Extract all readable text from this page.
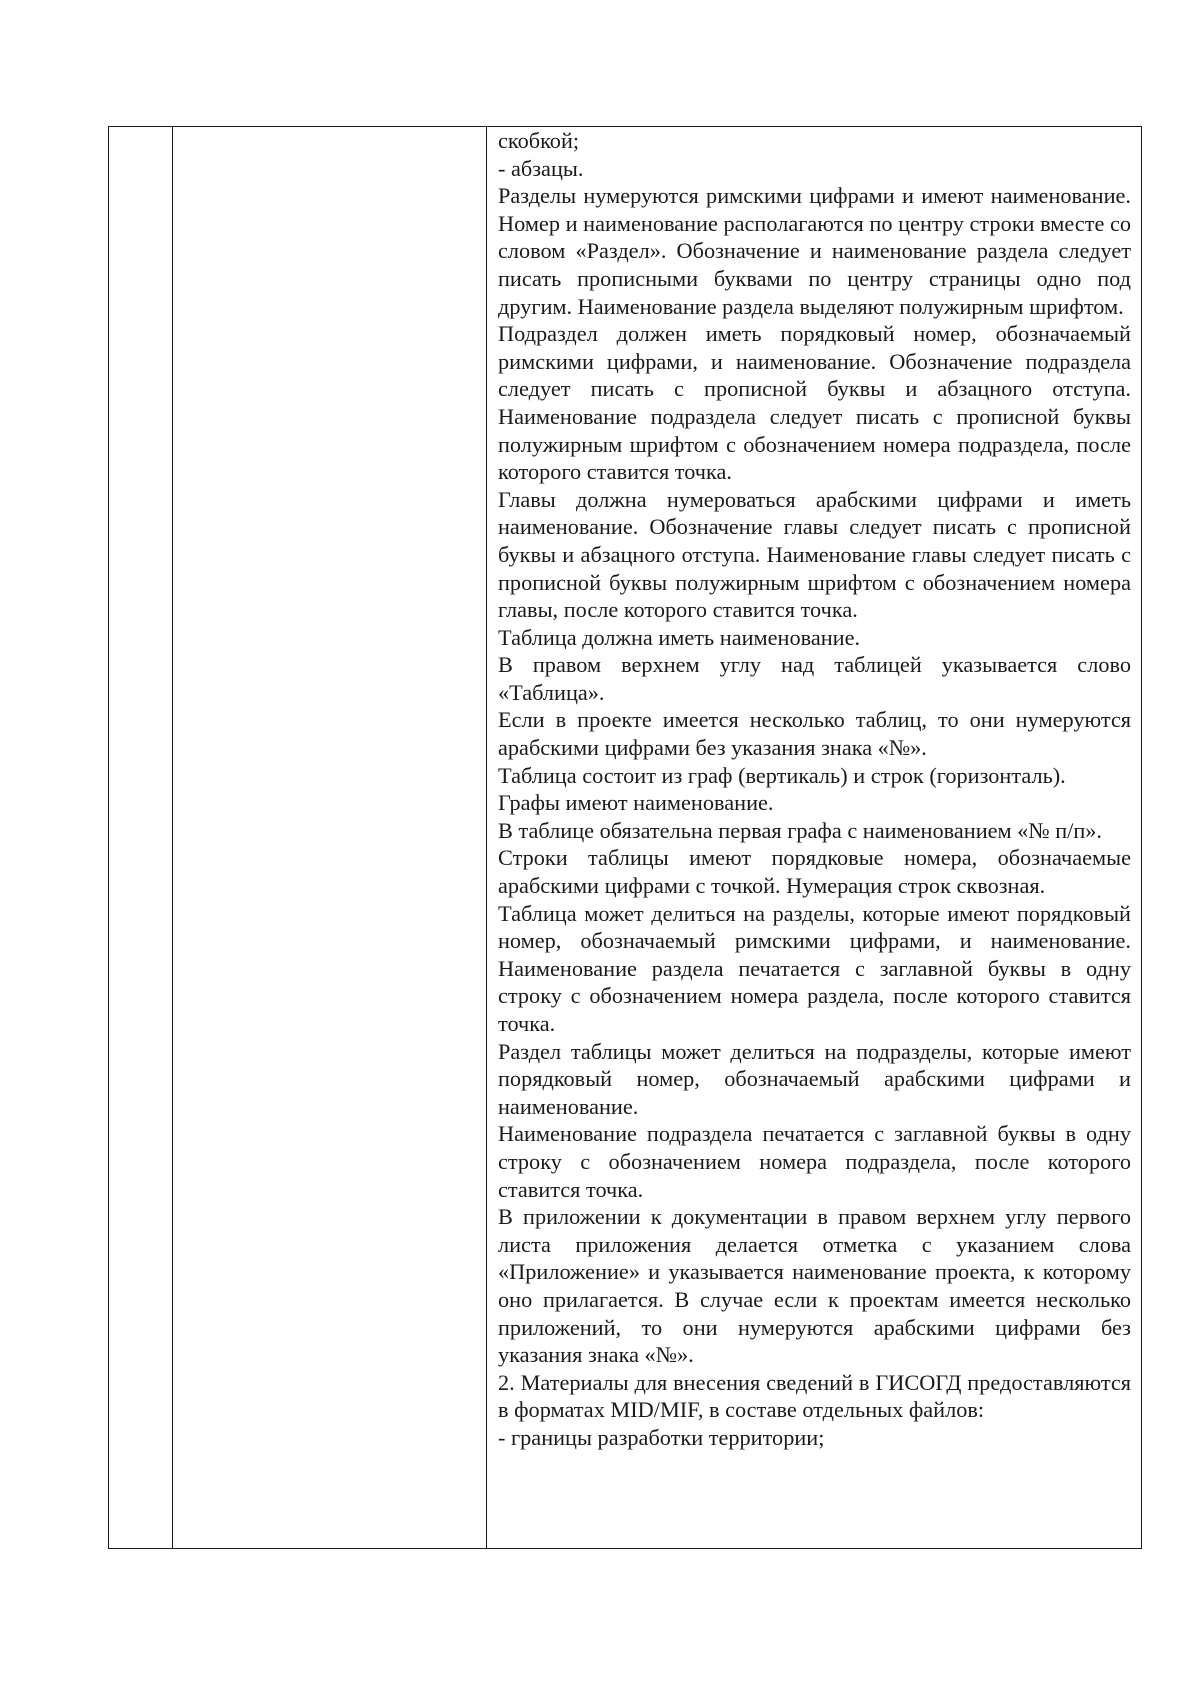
скобкой;

- абзацы.

Разделы нумеруются римскими цифрами и имеют наименование. Номер и наименование располагаются по центру строки вместе со словом «Раздел». Обозначение и наименование раздела следует писать прописными буквами по центру страницы одно под другим. Наименование раздела выделяют полужирным шрифтом.

Подраздел должен иметь порядковый номер, обозначаемый римскими цифрами, и наименование. Обозначение подраздела следует писать с прописной буквы и абзацного отступа. Наименование подраздела следует писать с прописной буквы полужирным шрифтом с обозначением номера подраздела, после которого ставится точка.

Главы должна нумероваться арабскими цифрами и иметь наименование. Обозначение главы следует писать с прописной буквы и абзацного отступа. Наименование главы следует писать с прописной буквы полужирным шрифтом с обозначением номера главы, после которого ставится точка.

Таблица должна иметь наименование.

В правом верхнем углу над таблицей указывается слово «Таблица».

Если в проекте имеется несколько таблиц, то они нумеруются арабскими цифрами без указания знака «№».

Таблица состоит из граф (вертикаль) и строк (горизонталь).

Графы имеют наименование.

В таблице обязательна первая графа с наименованием «№ п/п».

Строки таблицы имеют порядковые номера, обозначаемые арабскими цифрами с точкой. Нумерация строк сквозная.

Таблица может делиться на разделы, которые имеют порядковый номер, обозначаемый римскими цифрами, и наименование. Наименование раздела печатается с заглавной буквы в одну строку с обозначением номера раздела, после которого ставится точка.

Раздел таблицы может делиться на подразделы, которые имеют порядковый номер, обозначаемый арабскими цифрами и наименование.

Наименование подраздела печатается с заглавной буквы в одну строку с обозначением номера подраздела, после которого ставится точка.

В приложении к документации в правом верхнем углу первого листа приложения делается отметка с указанием слова «Приложение» и указывается наименование проекта, к которому оно прилагается. В случае если к проектам имеется несколько приложений, то они нумеруются арабскими цифрами без указания знака «№».

2. Материалы для внесения сведений в ГИСОГД предоставляются в форматах MID/MIF, в составе отдельных файлов:

- границы разработки территории;
